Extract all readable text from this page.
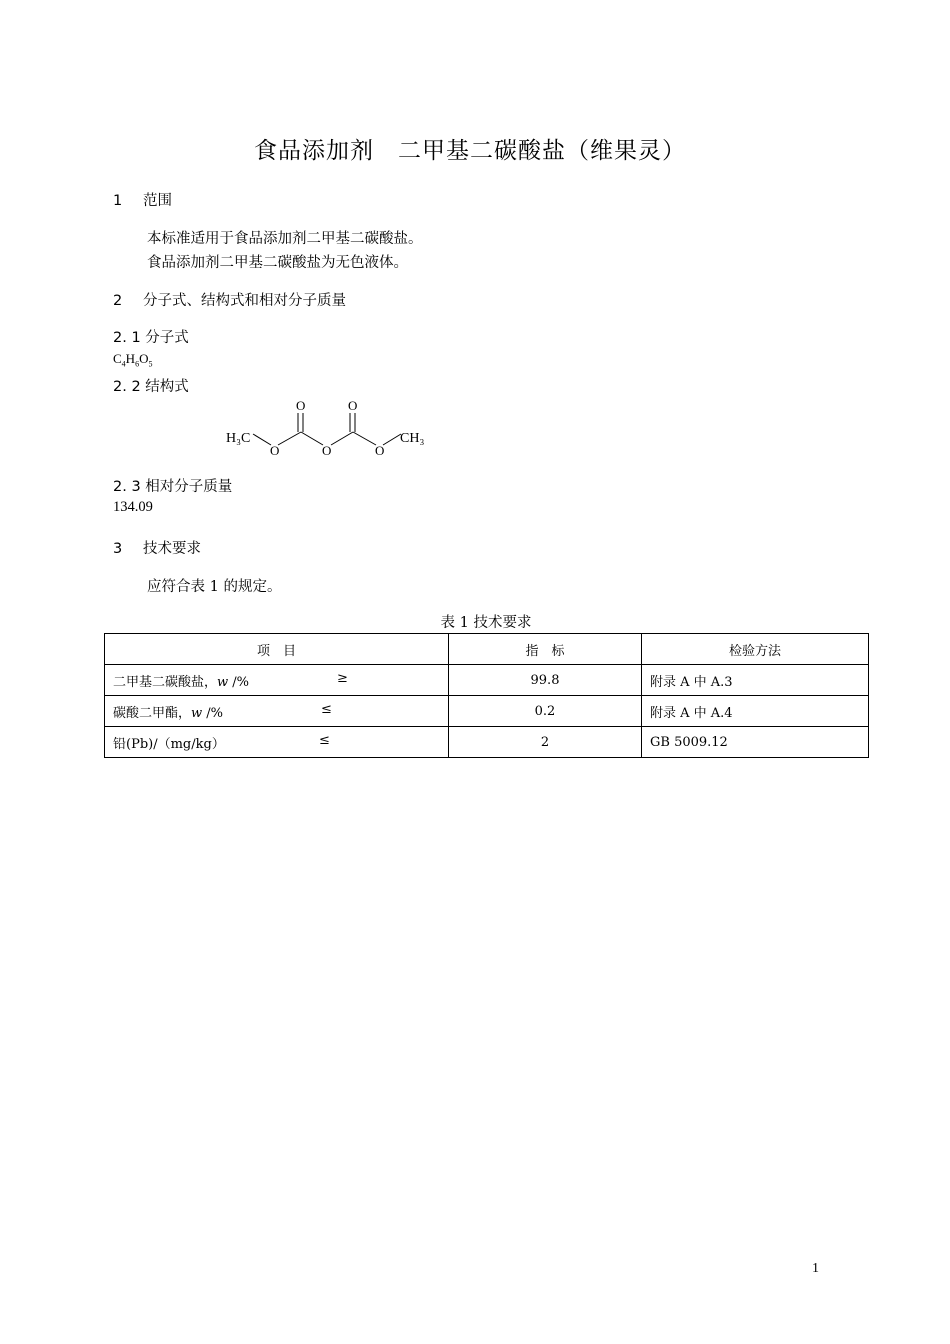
食品添加剂　二甲基二碳酸盐（维果灵）
1 范围
本标准适用于食品添加剂二甲基二碳酸盐。
食品添加剂二甲基二碳酸盐为无色液体。
2 分子式、结构式和相对分子质量
2. 1 分子式
$C_4H_6O_5$
2. 2 结构式
H₃C
O
O
O
O
O
CH₃
2. 3 相对分子质量
134.09
3 技术要求
应符合表 1 的规定。
表 1 技术要求
项　目	指　标	检验方法
二甲基二碳酸盐，w /% ≥	99.8	附录 A 中 A.3
碳酸二甲酯，w /% ≤	0.2	附录 A 中 A.4
铅(Pb)/（mg/kg） ≤	2	GB 5009.12
1
